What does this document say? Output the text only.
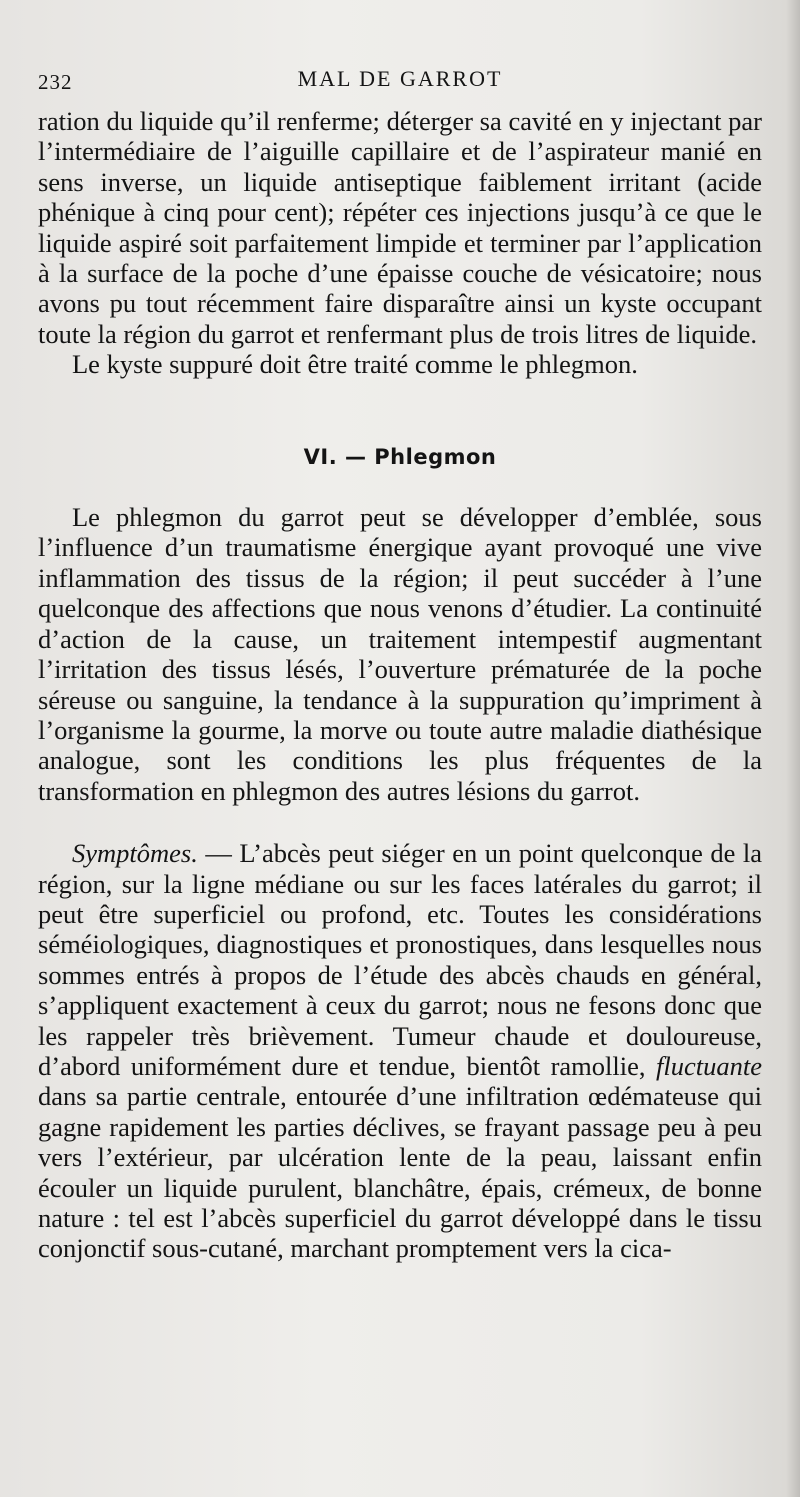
232	MAL DE GARROT

ration du liquide qu’il renferme; déterger sa cavité en y injectant par l’intermédiaire de l’aiguille capillaire et de l’aspirateur manié en sens inverse, un liquide antiseptique faiblement irritant (acide phénique à cinq pour cent); répéter ces injections jusqu’à ce que le liquide aspiré soit parfaitement limpide et terminer par l’application à la surface de la poche d’une épaisse couche de vésicatoire; nous avons pu tout récemment faire disparaître ainsi un kyste occupant toute la région du garrot et renfermant plus de trois litres de liquide.

Le kyste suppuré doit être traité comme le phlegmon.

VI. — Phlegmon

Le phlegmon du garrot peut se développer d’emblée, sous l’influence d’un traumatisme énergique ayant provoqué une vive inflammation des tissus de la région; il peut succéder à l’une quelconque des affections que nous venons d’étudier. La continuité d’action de la cause, un traitement intempestif augmentant l’irritation des tissus lésés, l’ouverture prématurée de la poche séreuse ou sanguine, la tendance à la suppuration qu’impriment à l’organisme la gourme, la morve ou toute autre maladie diathésique analogue, sont les conditions les plus fréquentes de la transformation en phlegmon des autres lésions du garrot.

Symptômes. — L’abcès peut siéger en un point quelconque de la région, sur la ligne médiane ou sur les faces latérales du garrot; il peut être superficiel ou profond, etc. Toutes les considérations séméiologiques, diagnostiques et pronostiques, dans lesquelles nous sommes entrés à propos de l’étude des abcès chauds en général, s’appliquent exactement à ceux du garrot; nous ne fesons donc que les rappeler très brièvement. Tumeur chaude et douloureuse, d’abord uniformément dure et tendue, bientôt ramollie, fluctuante dans sa partie centrale, entourée d’une infiltration œdémateuse qui gagne rapidement les parties déclives, se frayant passage peu à peu vers l’extérieur, par ulcération lente de la peau, laissant enfin écouler un liquide purulent, blanchâtre, épais, crémeux, de bonne nature : tel est l’abcès superficiel du garrot développé dans le tissu conjonctif sous-cutané, marchant promptement vers la cica-
